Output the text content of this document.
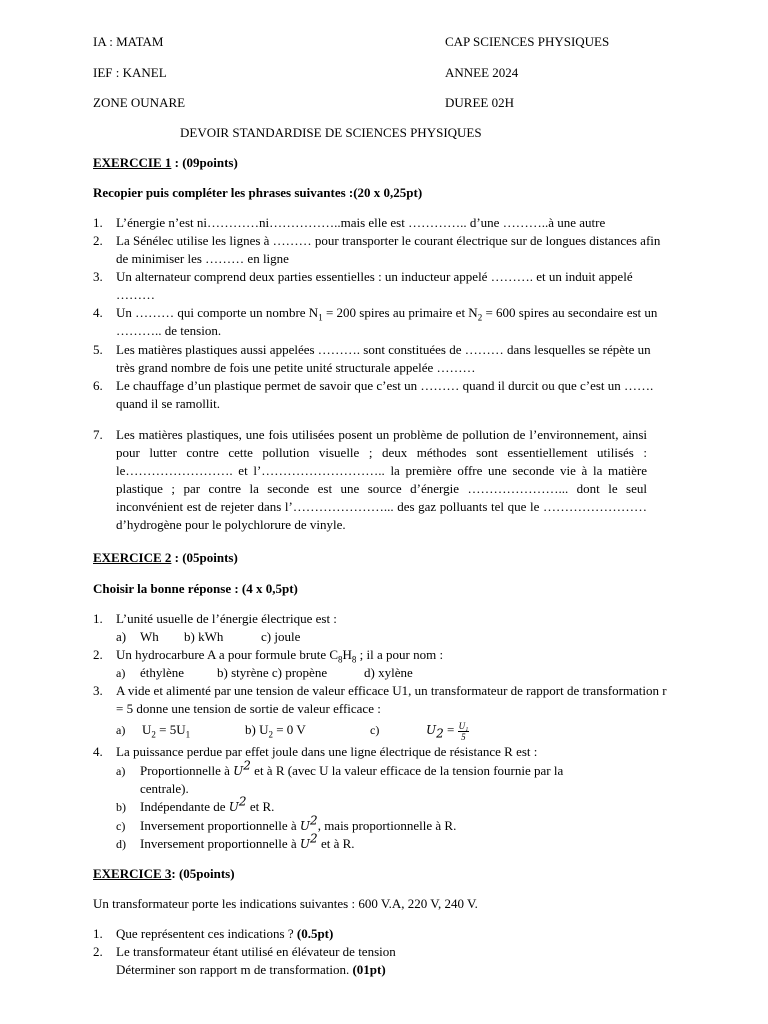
IA : MATAM	CAP SCIENCES PHYSIQUES
IEF : KANEL	ANNEE 2024
ZONE OUNARE	DUREE 02H
DEVOIR STANDARDISE DE SCIENCES PHYSIQUES
EXERCCIE 1 : (09points)
Recopier puis compléter les phrases suivantes :(20 x 0,25pt)
1. L’énergie n’est ni…………ni……………..mais elle est ………….. d’une ………..à une autre
2. La Sénélec utilise les lignes à ……… pour transporter le courant électrique sur de longues distances afin de minimiser les ……… en ligne
3. Un alternateur comprend deux parties essentielles : un inducteur appelé ………. et un induit appelé ………
4. Un ……… qui comporte un nombre $N_1 = 200$ spires au primaire et $N_2 = 600$ spires au secondaire est un ……….. de tension.
5. Les matières plastiques aussi appelées ………. sont constituées de ……… dans lesquelles se répète un très grand nombre de fois une petite unité structurale appelée ………
6. Le chauffage d’un plastique permet de savoir que c’est un ……… quand il durcit ou que c’est un ……. quand il se ramollit.
7. Les matières plastiques, une fois utilisées posent un problème de pollution de l’environnement, ainsi pour lutter contre cette pollution visuelle ; deux méthodes sont essentiellement utilisés : le……………………. et l’……………………….. la première offre une seconde vie à la matière plastique ; par contre la seconde est une source d’énergie …………………... dont le seul inconvénient est de rejeter dans l’…………………... des gaz polluants tel que le ……………………d’hydrogène pour le polychlorure de vinyle.
EXERCICE 2 : (05points)
Choisir la bonne réponse : (4 x 0,5pt)
1. L’unité usuelle de l’énergie électrique est :
a) Wh b) kWh	c) joule
2. Un hydrocarbure A a pour formule brute $C_8H_8$ ; il a pour nom :
a) éthylène	b) styrène c) propène	d) xylène
3. A vide et alimenté par une tension de valeur efficace U1, un transformateur de rapport de transformation r = 5 donne une tension de sortie de valeur efficace :
a) $U_2 = 5U_1$	b) $U_2 = 0$ V	c)	$U_2 = \frac{\text{U₁}}{5}$
4. La puissance perdue par effet joule dans une ligne électrique de résistance R est :
a) Proportionnelle à $U^2$ et à R (avec U la valeur efficace de la tension fournie par la
centrale).
b) Indépendante de $U^2$ et R.
c) Inversement proportionnelle à $U^2$, mais proportionnelle à R.
d) Inversement proportionnelle à $U^2$ et à R.
EXERCICE 3: (05points)
Un transformateur porte les indications suivantes : 600 V.A, 220 V, 240 V.
1. Que représentent ces indications ? (0.5pt)
2. Le transformateur étant utilisé en élévateur de tension
Déterminer son rapport m de transformation. (01pt)
